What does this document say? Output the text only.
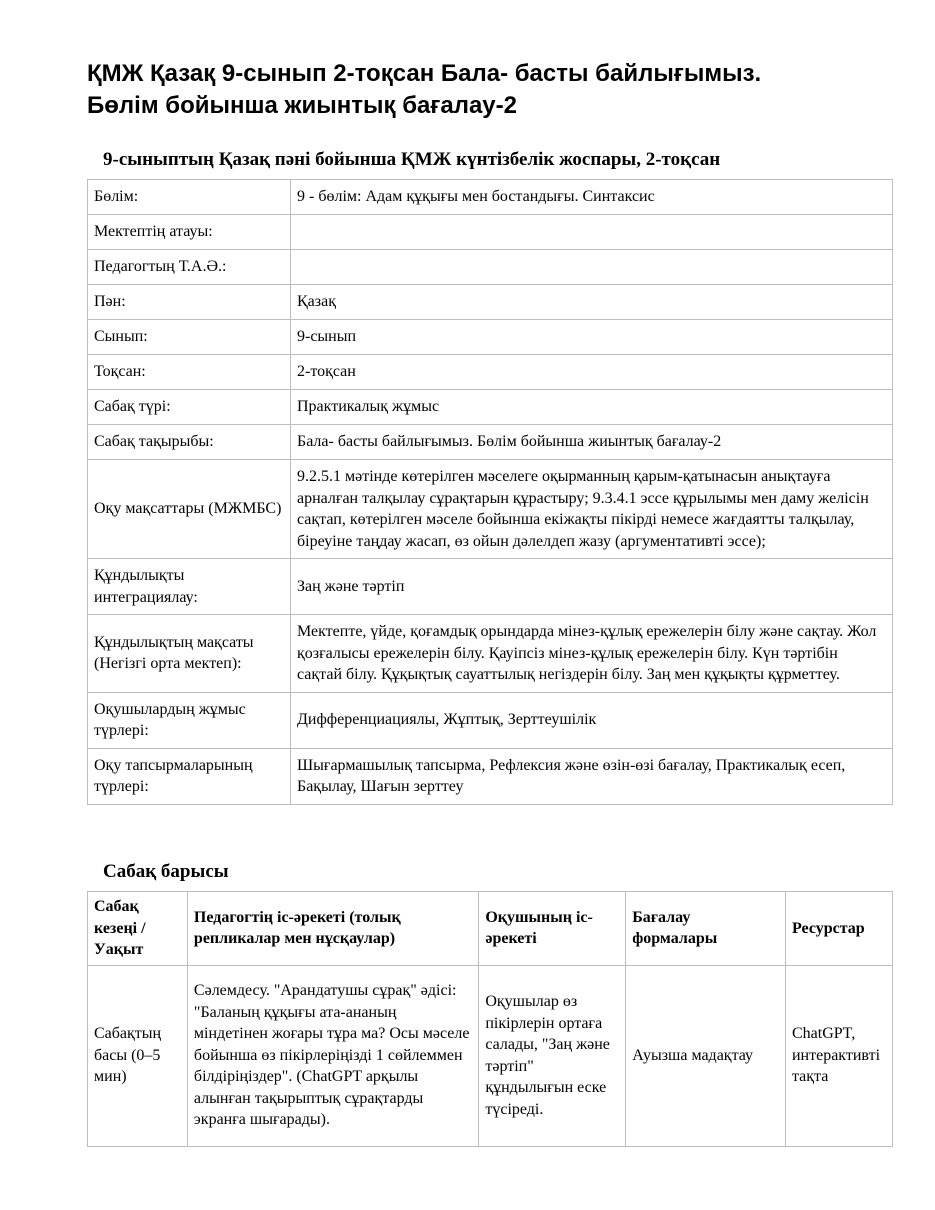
ҚМЖ Қазақ 9-сынып 2-тоқсан Бала- басты байлығымыз.
Бөлім бойынша жиынтық бағалау-2
9-сыныптың Қазақ пәні бойынша ҚМЖ күнтізбелік жоспары, 2-тоқсан
Бөлім:	9 - бөлім: Адам құқығы мен бостандығы. Синтаксис
Мектептің атауы:	
Педагогтың Т.А.Ә.:	
Пән:	Қазақ
Сынып:	9-сынып
Тоқсан:	2-тоқсан
Сабақ түрі:	Практикалық жұмыс
Сабақ тақырыбы:	Бала- басты байлығымыз. Бөлім бойынша жиынтық бағалау-2
Оқу мақсаттары (МЖМБС)	9.2.5.1 мәтінде көтерілген мәселеге оқырманның қарым-қатынасын анықтауға арналған талқылау сұрақтарын құрастыру; 9.3.4.1 эссе құрылымы мен даму желісін сақтап, көтерілген мәселе бойынша екіжақты пікірді немесе жағдаятты талқылау, біреуіне таңдау жасап, өз ойын дәлелдеп жазу (аргументативті эссе);
Құндылықты интеграциялау:	Заң және тәртіп
Құндылықтың мақсаты (Негізгі орта мектеп):	Мектепте, үйде, қоғамдық орындарда мінез-құлық ережелерін білу және сақтау. Жол қозғалысы ережелерін білу. Қауіпсіз мінез-құлық ережелерін білу. Күн тәртібін сақтай білу. Құқықтық сауаттылық негіздерін білу. Заң мен құқықты құрметтеу.
Оқушылардың жұмыс түрлері:	Дифференциациялы, Жұптық, Зерттеушілік
Оқу тапсырмаларының түрлері:	Шығармашылық тапсырма, Рефлексия және өзін-өзі бағалау, Практикалық есеп, Бақылау, Шағын зерттеу
Сабақ барысы
Сабақ кезеңі / Уақыт	Педагогтің іс-әрекеті (толық репликалар мен нұсқаулар)	Оқушының іс-әрекеті	Бағалау формалары	Ресурстар
Сабақтың басы (0–5 мин)	Сәлемдесу. "Арандатушы сұрақ" әдісі: "Баланың құқығы ата-ананың міндетінен жоғары тұра ма? Осы мәселе бойынша өз пікірлеріңізді 1 сөйлеммен білдіріңіздер". (ChatGPT арқылы алынған тақырыптық сұрақтарды экранға шығарады).	Оқушылар өз пікірлерін ортаға салады, "Заң және тәртіп" құндылығын еске түсіреді.	Ауызша мадақтау	ChatGPT, интерактивті тақта
